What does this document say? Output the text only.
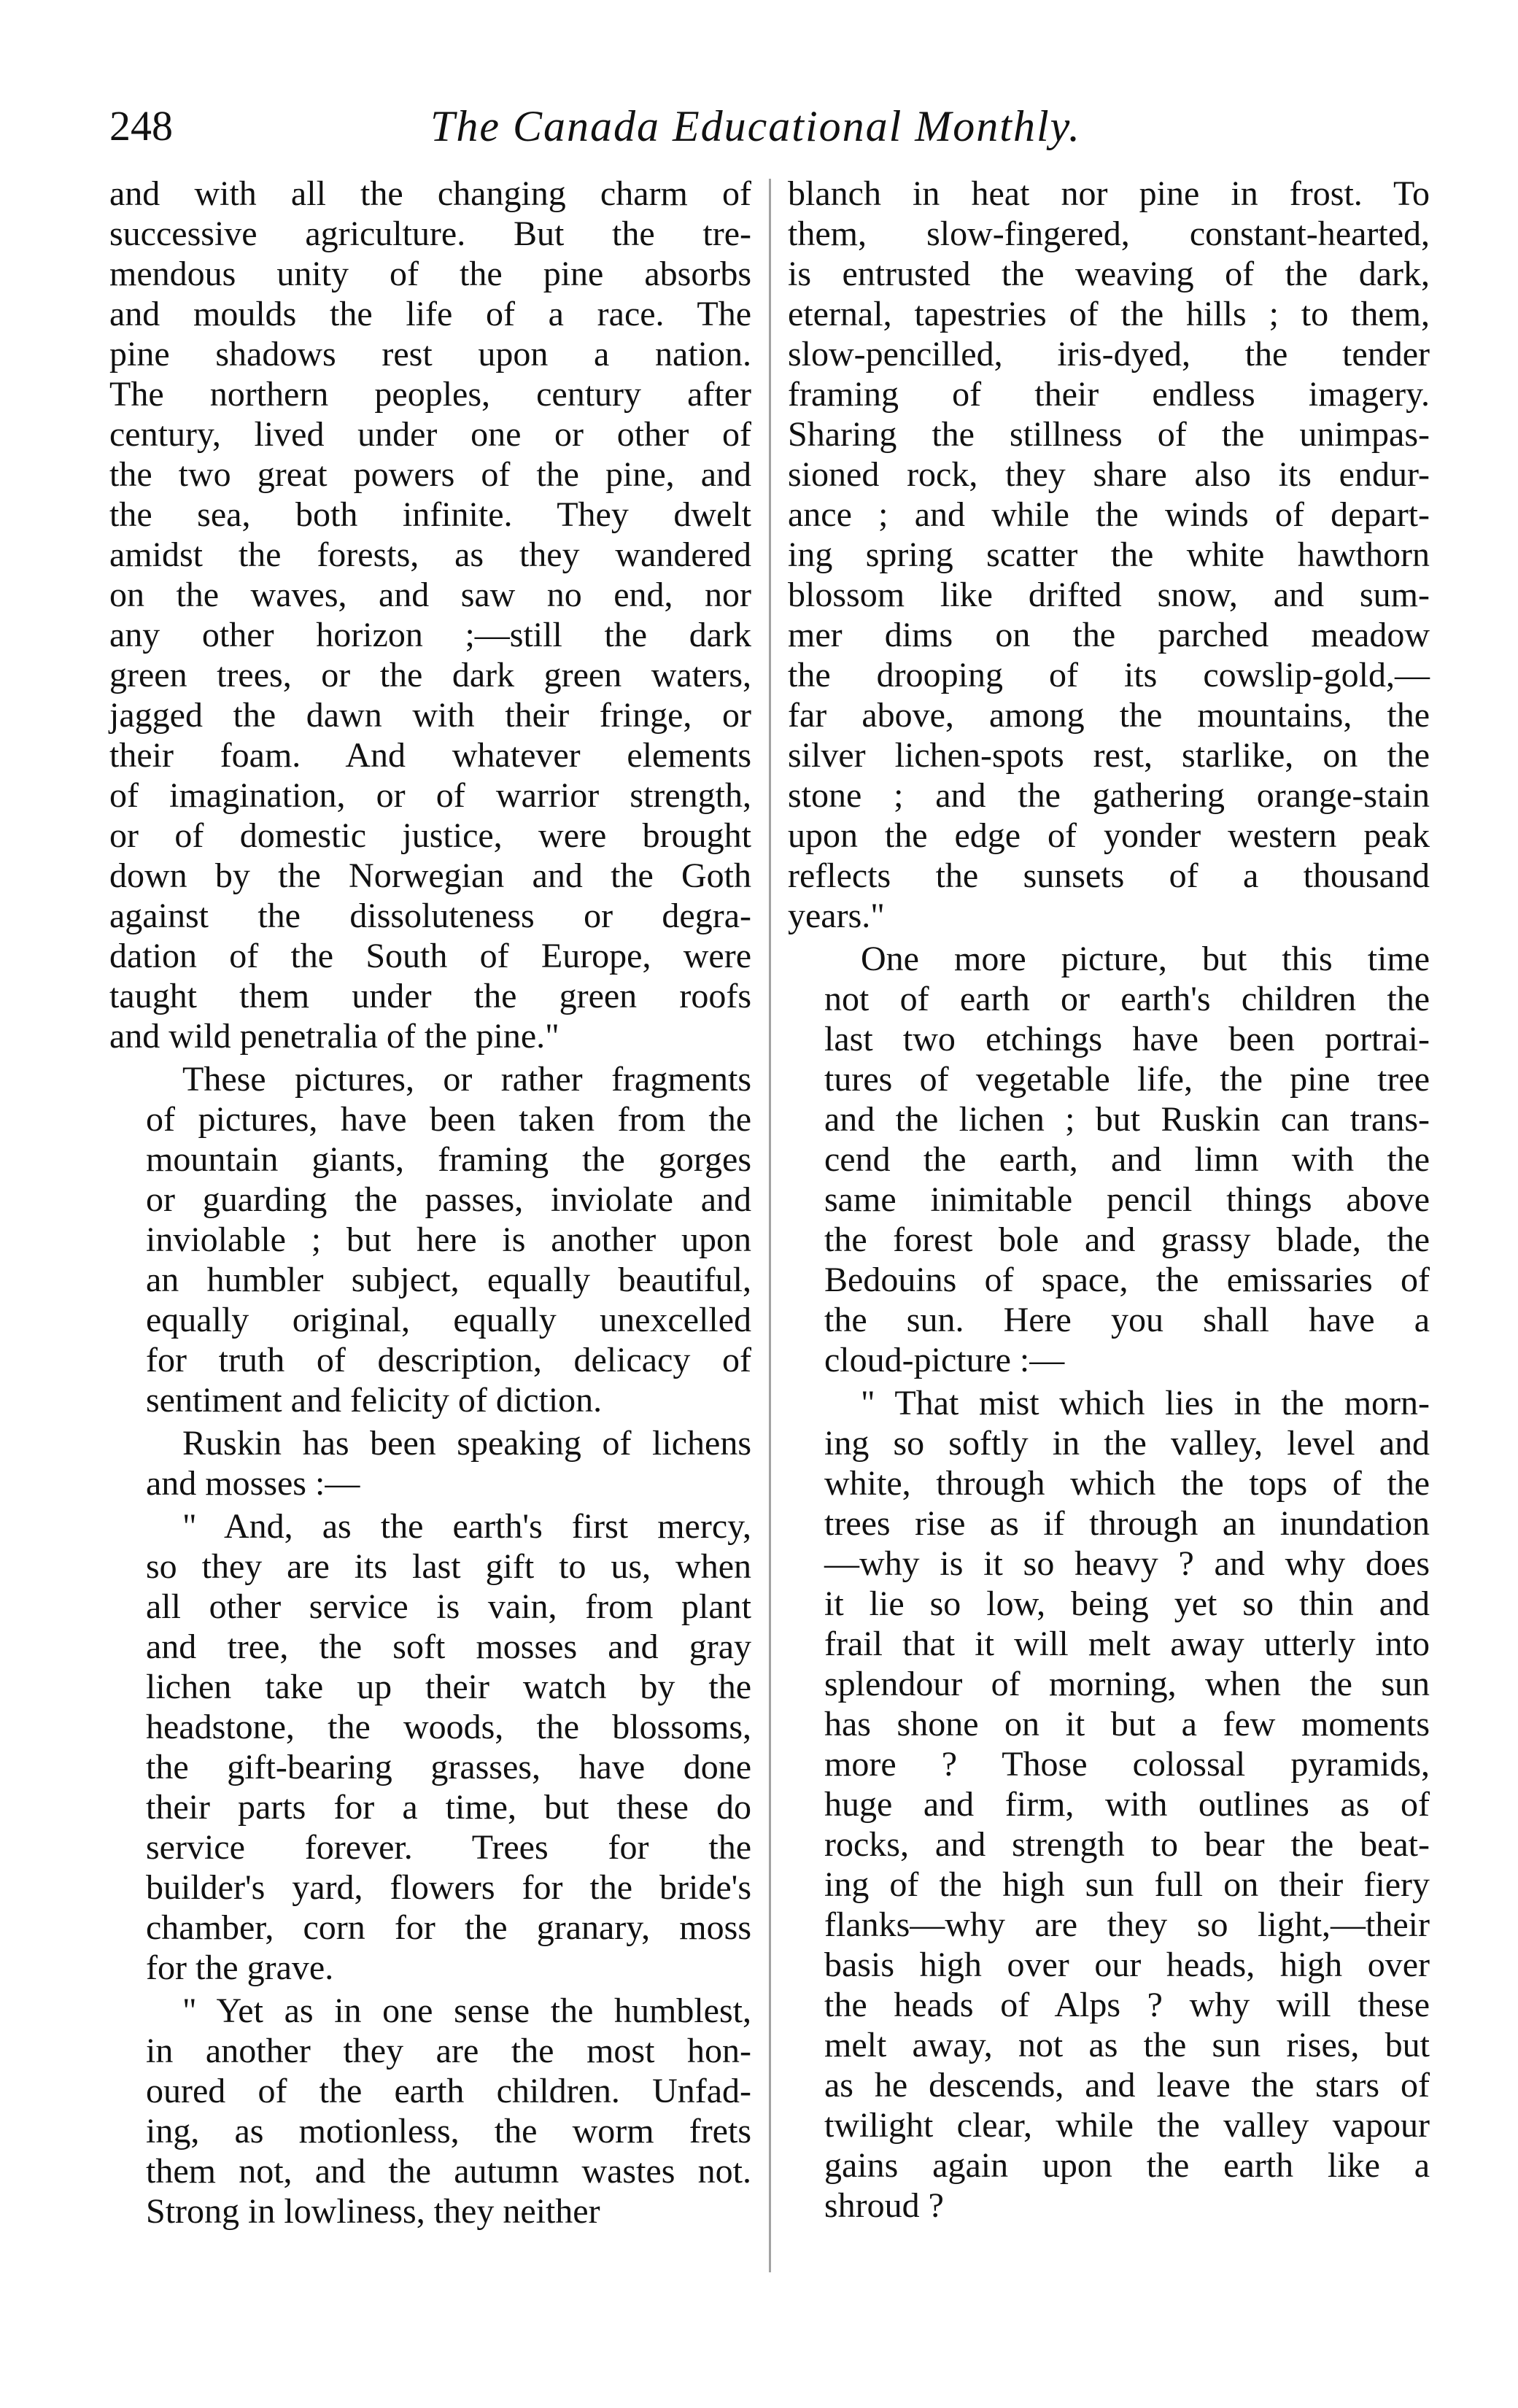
248	The Canada Educational Monthly.
and with all the changing charm of
successive agriculture. But the tre-
mendous unity of the pine absorbs
and moulds the life of a race. The
pine shadows rest upon a nation.
The northern peoples, century after
century, lived under one or other of
the two great powers of the pine, and
the sea, both infinite. They dwelt
amidst the forests, as they wandered
on the waves, and saw no end, nor
any other horizon ;—still the dark
green trees, or the dark green waters,
jagged the dawn with their fringe, or
their foam. And whatever elements
of imagination, or of warrior strength,
or of domestic justice, were brought
down by the Norwegian and the Goth
against the dissoluteness or degra-
dation of the South of Europe, were
taught them under the green roofs
and wild penetralia of the pine."
These pictures, or rather fragments
of pictures, have been taken from the
mountain giants, framing the gorges
or guarding the passes, inviolate and
inviolable ; but here is another upon
an humbler subject, equally beautiful,
equally original, equally unexcelled
for truth of description, delicacy of
sentiment and felicity of diction.
Ruskin has been speaking of lichens
and mosses :—
" And, as the earth's first mercy,
so they are its last gift to us, when
all other service is vain, from plant
and tree, the soft mosses and gray
lichen take up their watch by the
headstone, the woods, the blossoms,
the gift-bearing grasses, have done
their parts for a time, but these do
service forever. Trees for the
builder's yard, flowers for the bride's
chamber, corn for the granary, moss
for the grave.
" Yet as in one sense the humblest,
in another they are the most hon-
oured of the earth children. Unfad-
ing, as motionless, the worm frets
them not, and the autumn wastes not.
Strong in lowliness, they neither
blanch in heat nor pine in frost. To
them, slow-fingered, constant-hearted,
is entrusted the weaving of the dark,
eternal, tapestries of the hills ; to them,
slow-pencilled, iris-dyed, the tender
framing of their endless imagery.
Sharing the stillness of the unimpas-
sioned rock, they share also its endur-
ance ; and while the winds of depart-
ing spring scatter the white hawthorn
blossom like drifted snow, and sum-
mer dims on the parched meadow
the drooping of its cowslip-gold,—
far above, among the mountains, the
silver lichen-spots rest, starlike, on the
stone ; and the gathering orange-stain
upon the edge of yonder western peak
reflects the sunsets of a thousand
years."
One more picture, but this time
not of earth or earth's children the
last two etchings have been portrai-
tures of vegetable life, the pine tree
and the lichen ; but Ruskin can trans-
cend the earth, and limn with the
same inimitable pencil things above
the forest bole and grassy blade, the
Bedouins of space, the emissaries of
the sun. Here you shall have a
cloud-picture :—
" That mist which lies in the morn-
ing so softly in the valley, level and
white, through which the tops of the
trees rise as if through an inundation
—why is it so heavy ? and why does
it lie so low, being yet so thin and
frail that it will melt away utterly into
splendour of morning, when the sun
has shone on it but a few moments
more ? Those colossal pyramids,
huge and firm, with outlines as of
rocks, and strength to bear the beat-
ing of the high sun full on their fiery
flanks—why are they so light,—their
basis high over our heads, high over
the heads of Alps ? why will these
melt away, not as the sun rises, but
as he descends, and leave the stars of
twilight clear, while the valley vapour
gains again upon the earth like a
shroud ?
